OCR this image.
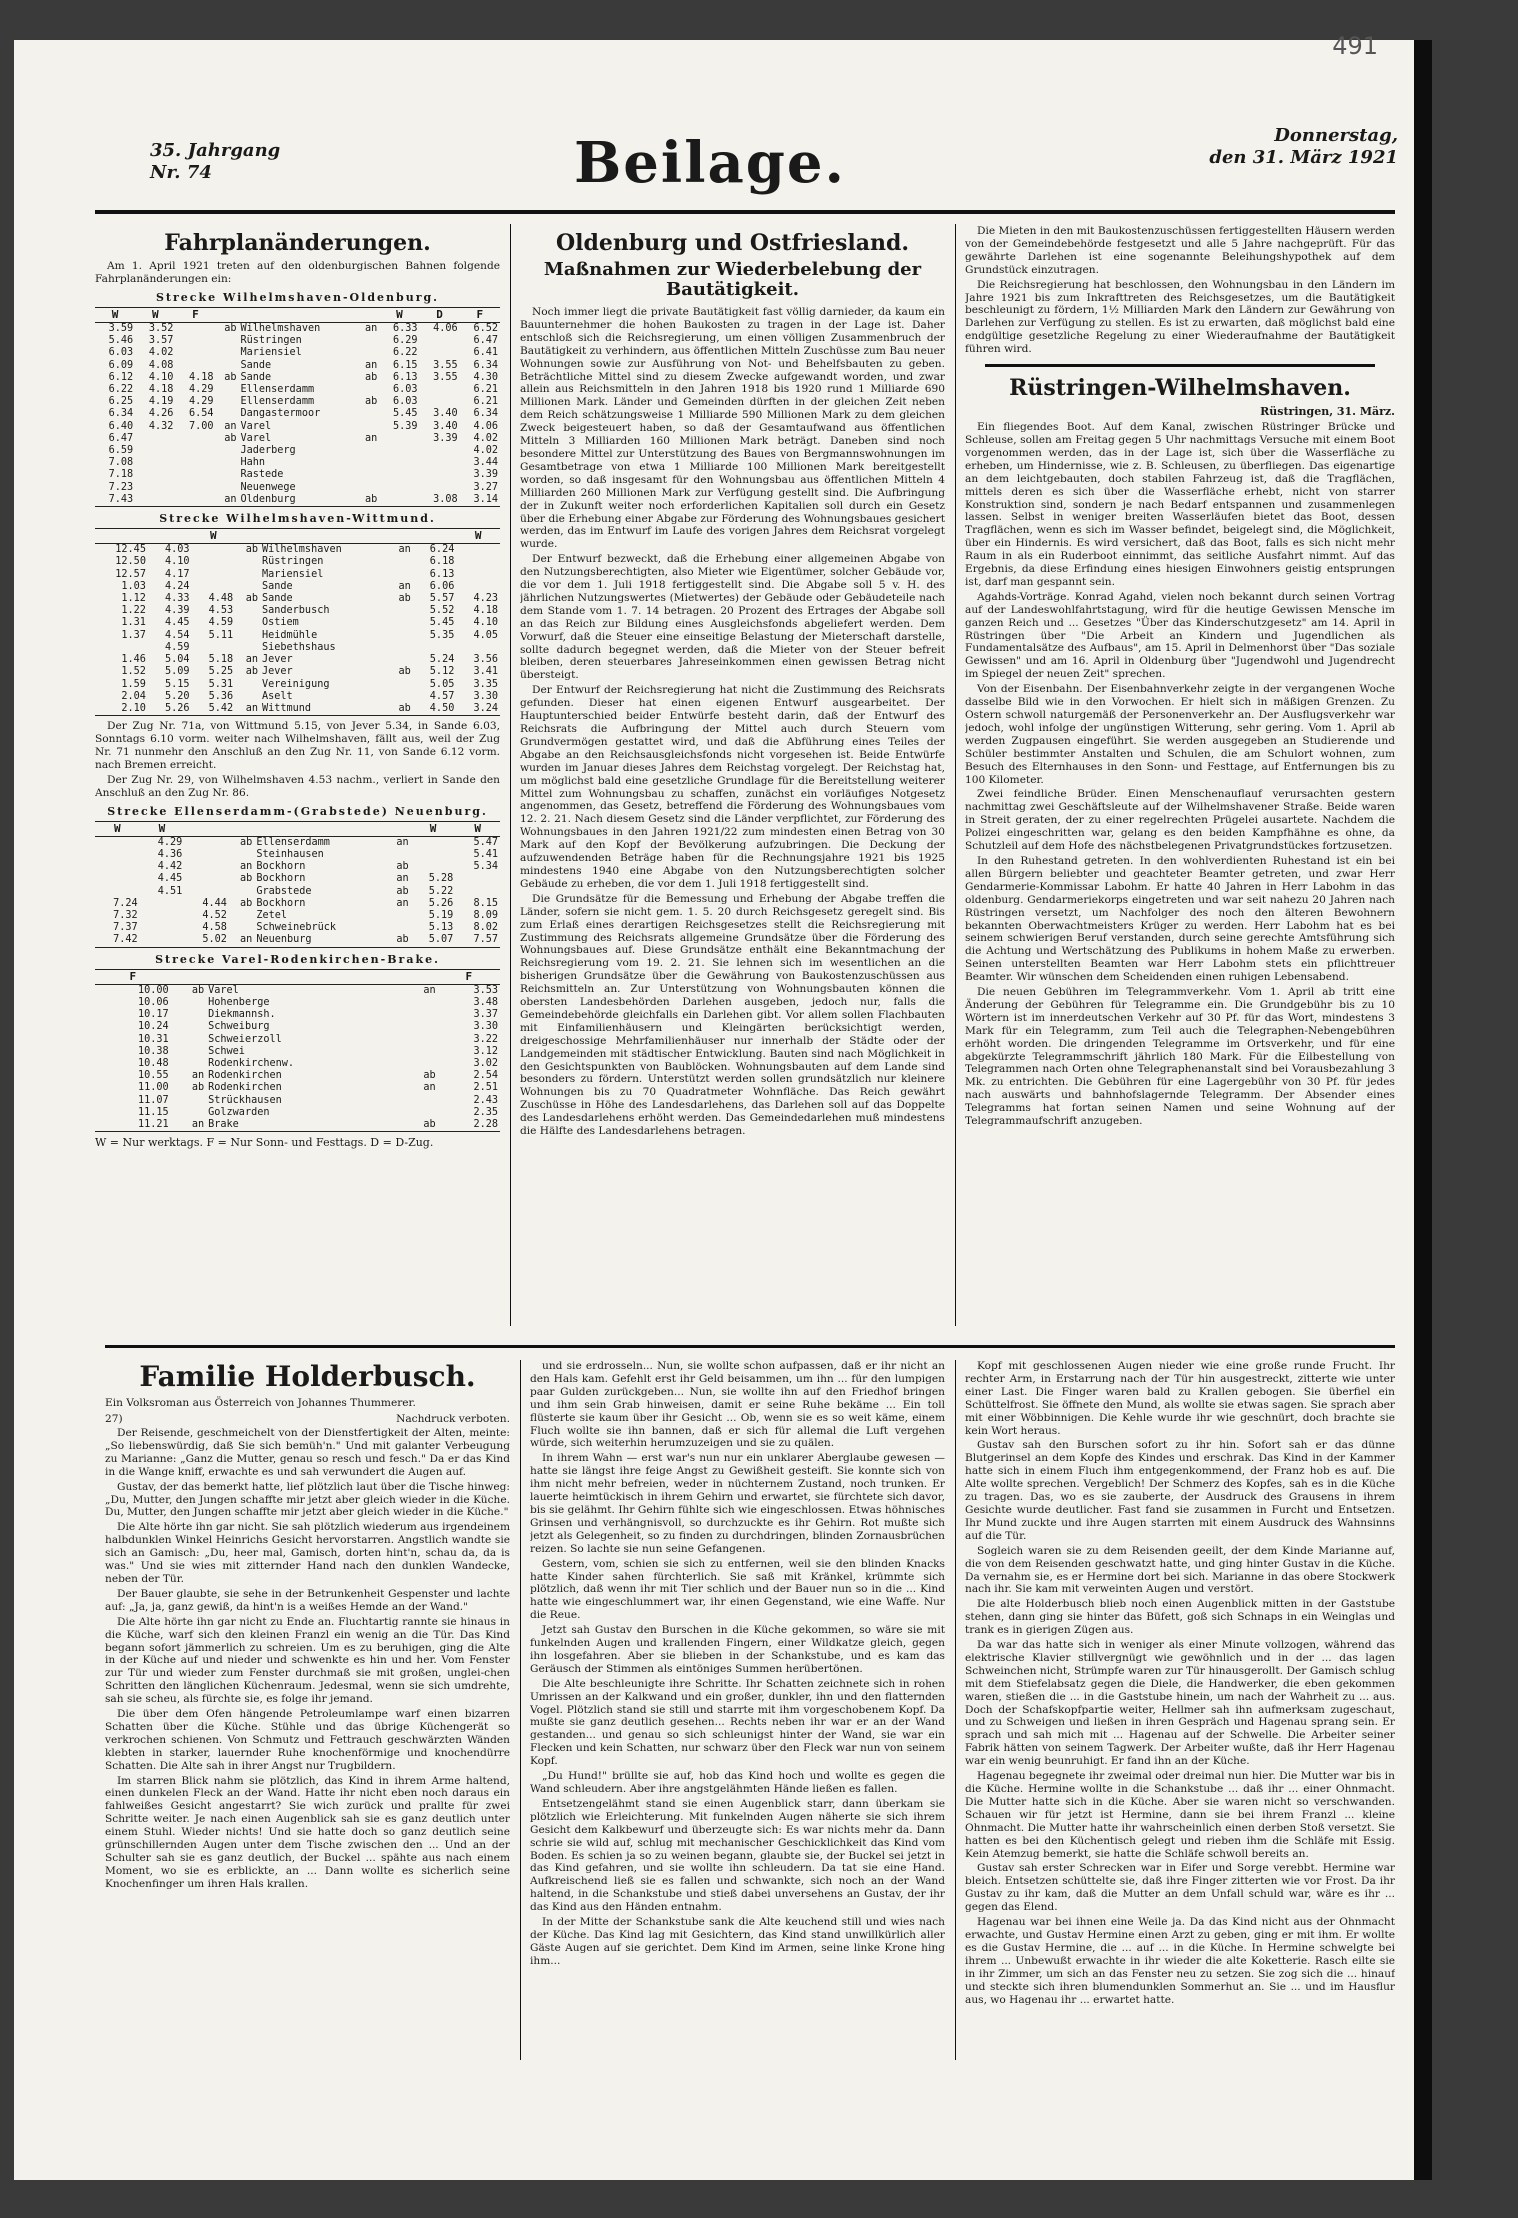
491
35. Jahrgang
Nr. 74	Beilage.	Donnerstag,
den 31. März 1921
Fahrplanänderungen.

Am 1. April 1921 treten auf den oldenburgischen Bahnen folgende Fahrplanänderungen ein:

Strecke Wilhelmshaven-Oldenburg.
W	W	F				W	D	F
3.59	3.52		ab	Wilhelmshaven	an	6.33	4.06	6.52
5.46	3.57			Rüstringen		6.29		6.47
6.03	4.02			Mariensiel		6.22		6.41
6.09	4.08			Sande	an	6.15	3.55	6.34
6.12	4.10	4.18	ab	Sande	ab	6.13	3.55	4.30
6.22	4.18	4.29		Ellenserdamm		6.03		6.21
6.25	4.19	4.29		Ellenserdamm	ab	6.03		6.21
6.34	4.26	6.54		Dangastermoor		5.45	3.40	6.34
6.40	4.32	7.00	an	Varel		5.39	3.40	4.06
6.47			ab	Varel	an		3.39	4.02
6.59				Jaderberg				4.02
7.08				Hahn				3.44
7.18				Rastede				3.39
7.23				Neuenwege				3.27
7.43			an	Oldenburg	ab		3.08	3.14
Strecke Wilhelmshaven-Wittmund.
		W					W
12.45	4.03		ab	Wilhelmshaven	an	6.24	
12.50	4.10			Rüstringen		6.18	
12.57	4.17			Mariensiel		6.13	
1.03	4.24			Sande	an	6.06	
1.12	4.33	4.48	ab	Sande	ab	5.57	4.23
1.22	4.39	4.53		Sanderbusch		5.52	4.18
1.31	4.45	4.59		Ostiem		5.45	4.10
1.37	4.54	5.11		Heidmühle		5.35	4.05
	4.59			Siebethshaus			
1.46	5.04	5.18	an	Jever		5.24	3.56
1.52	5.09	5.25	ab	Jever	ab	5.12	3.41
1.59	5.15	5.31		Vereinigung		5.05	3.35
2.04	5.20	5.36		Aselt		4.57	3.30
2.10	5.26	5.42	an	Wittmund	ab	4.50	3.24

Der Zug Nr. 71a, von Wittmund 5.15, von Jever 5.34, in Sande 6.03, Sonntags 6.10 vorm. weiter nach Wilhelmshaven, fällt aus, weil der Zug Nr. 71 nunmehr den Anschluß an den Zug Nr. 11, von Sande 6.12 vorm. nach Bremen erreicht.

Der Zug Nr. 29, von Wilhelmshaven 4.53 nachm., verliert in Sande den Anschluß an den Zug Nr. 86.

Strecke Ellenserdamm-(Grabstede) Neuenburg.
W	W					W	W
	4.29		ab	Ellenserdamm	an		5.47
	4.36			Steinhausen			5.41
	4.42		an	Bockhorn	ab		5.34
	4.45		ab	Bockhorn	an	5.28	
	4.51			Grabstede	ab	5.22	
7.24		4.44	ab	Bockhorn	an	5.26	8.15
7.32		4.52		Zetel		5.19	8.09
7.37		4.58		Schweinebrück		5.13	8.02
7.42		5.02	an	Neuenburg	ab	5.07	7.57
Strecke Varel-Rodenkirchen-Brake.
F				F
10.00	ab	Varel	an	3.53
10.06		Hohenberge		3.48
10.17		Diekmannsh.		3.37
10.24		Schweiburg		3.30
10.31		Schweierzoll		3.22
10.38		Schwei		3.12
10.48		Rodenkirchenw.		3.02
10.55	an	Rodenkirchen	ab	2.54
11.00	ab	Rodenkirchen	an	2.51
11.07		Strückhausen		2.43
11.15		Golzwarden		2.35
11.21	an	Brake	ab	2.28
W = Nur werktags. F = Nur Sonn- und Festtags. D = D-Zug.
Oldenburg und Ostfriesland.
Maßnahmen zur Wiederbelebung der Bautätigkeit.

Noch immer liegt die private Bautätigkeit fast völlig darnieder, da kaum ein Bauunternehmer die hohen Baukosten zu tragen in der Lage ist. Daher entschloß sich die Reichsregierung, um einen völligen Zusammenbruch der Bautätigkeit zu verhindern, aus öffentlichen Mitteln Zuschüsse zum Bau neuer Wohnungen sowie zur Ausführung von Not- und Behelfsbauten zu geben. Beträchtliche Mittel sind zu diesem Zwecke aufgewandt worden, und zwar allein aus Reichsmitteln in den Jahren 1918 bis 1920 rund 1 Milliarde 690 Millionen Mark. Länder und Gemeinden dürften in der gleichen Zeit neben dem Reich schätzungsweise 1 Milliarde 590 Millionen Mark zu dem gleichen Zweck beigesteuert haben, so daß der Gesamtaufwand aus öffentlichen Mitteln 3 Milliarden 160 Millionen Mark beträgt. Daneben sind noch besondere Mittel zur Unterstützung des Baues von Bergmannswohnungen im Gesamtbetrage von etwa 1 Milliarde 100 Millionen Mark bereitgestellt worden, so daß insgesamt für den Wohnungsbau aus öffentlichen Mitteln 4 Milliarden 260 Millionen Mark zur Verfügung gestellt sind. Die Aufbringung der in Zukunft weiter noch erforderlichen Kapitalien soll durch ein Gesetz über die Erhebung einer Abgabe zur Förderung des Wohnungsbaues gesichert werden, das im Entwurf im Laufe des vorigen Jahres dem Reichsrat vorgelegt wurde.

Der Entwurf bezweckt, daß die Erhebung einer allgemeinen Abgabe von den Nutzungsberechtigten, also Mieter wie Eigentümer, solcher Gebäude vor, die vor dem 1. Juli 1918 fertiggestellt sind. Die Abgabe soll 5 v. H. des jährlichen Nutzungswertes (Mietwertes) der Gebäude oder Gebäudeteile nach dem Stande vom 1. 7. 14 betragen. 20 Prozent des Ertrages der Abgabe soll an das Reich zur Bildung eines Ausgleichsfonds abgeliefert werden. Dem Vorwurf, daß die Steuer eine einseitige Belastung der Mieterschaft darstelle, sollte dadurch begegnet werden, daß die Mieter von der Steuer befreit bleiben, deren steuerbares Jahreseinkommen einen gewissen Betrag nicht übersteigt.

Der Entwurf der Reichsregierung hat nicht die Zustimmung des Reichsrats gefunden. Dieser hat einen eigenen Entwurf ausgearbeitet. Der Hauptunterschied beider Entwürfe besteht darin, daß der Entwurf des Reichsrats die Aufbringung der Mittel auch durch Steuern vom Grundvermögen gestattet wird, und daß die Abführung eines Teiles der Abgabe an den Reichsausgleichsfonds nicht vorgesehen ist. Beide Entwürfe wurden im Januar dieses Jahres dem Reichstag vorgelegt. Der Reichstag hat, um möglichst bald eine gesetzliche Grundlage für die Bereitstellung weiterer Mittel zum Wohnungsbau zu schaffen, zunächst ein vorläufiges Notgesetz angenommen, das Gesetz, betreffend die Förderung des Wohnungsbaues vom 12. 2. 21. Nach diesem Gesetz sind die Länder verpflichtet, zur Förderung des Wohnungsbaues in den Jahren 1921/22 zum mindesten einen Betrag von 30 Mark auf den Kopf der Bevölkerung aufzubringen. Die Deckung der aufzuwendenden Beträge haben für die Rechnungsjahre 1921 bis 1925 mindestens 1940 eine Abgabe von den Nutzungsberechtigten solcher Gebäude zu erheben, die vor dem 1. Juli 1918 fertiggestellt sind.

Die Grundsätze für die Bemessung und Erhebung der Abgabe treffen die Länder, sofern sie nicht gem. 1. 5. 20 durch Reichsgesetz geregelt sind. Bis zum Erlaß eines derartigen Reichsgesetzes stellt die Reichsregierung mit Zustimmung des Reichsrats allgemeine Grundsätze über die Förderung des Wohnungsbaues auf. Diese Grundsätze enthält eine Bekanntmachung der Reichsregierung vom 19. 2. 21. Sie lehnen sich im wesentlichen an die bisherigen Grundsätze über die Gewährung von Baukostenzuschüssen aus Reichsmitteln an. Zur Unterstützung von Wohnungsbauten können die obersten Landesbehörden Darlehen ausgeben, jedoch nur, falls die Gemeindebehörde gleichfalls ein Darlehen gibt. Vor allem sollen Flachbauten mit Einfamilienhäusern und Kleingärten berücksichtigt werden, dreigeschossige Mehrfamilienhäuser nur innerhalb der Städte oder der Landgemeinden mit städtischer Entwicklung. Bauten sind nach Möglichkeit in den Gesichtspunkten von Baublöcken. Wohnungsbauten auf dem Lande sind besonders zu fördern. Unterstützt werden sollen grundsätzlich nur kleinere Wohnungen bis zu 70 Quadratmeter Wohnfläche. Das Reich gewährt Zuschüsse in Höhe des Landesdarlehens, das Darlehen soll auf das Doppelte des Landesdarlehens erhöht werden. Das Gemeindedarlehen muß mindestens die Hälfte des Landesdarlehens betragen.

Die Mieten in den mit Baukostenzuschüssen fertiggestellten Häusern werden von der Gemeindebehörde festgesetzt und alle 5 Jahre nachgeprüft. Für das gewährte Darlehen ist eine sogenannte Beleihungshypothek auf dem Grundstück einzutragen.

Die Reichsregierung hat beschlossen, den Wohnungsbau in den Ländern im Jahre 1921 bis zum Inkrafttreten des Reichsgesetzes, um die Bautätigkeit beschleunigt zu fördern, 1½ Milliarden Mark den Ländern zur Gewährung von Darlehen zur Verfügung zu stellen. Es ist zu erwarten, daß möglichst bald eine endgültige gesetzliche Regelung zu einer Wiederaufnahme der Bautätigkeit führen wird.

Rüstringen-Wilhelmshaven.
Rüstringen, 31. März.

Ein fliegendes Boot. Auf dem Kanal, zwischen Rüstringer Brücke und Schleuse, sollen am Freitag gegen 5 Uhr nachmittags Versuche mit einem Boot vorgenommen werden, das in der Lage ist, sich über die Wasserfläche zu erheben, um Hindernisse, wie z. B. Schleusen, zu überfliegen. Das eigenartige an dem leichtgebauten, doch stabilen Fahrzeug ist, daß die Tragflächen, mittels deren es sich über die Wasserfläche erhebt, nicht von starrer Konstruktion sind, sondern je nach Bedarf entspannen und zusammenlegen lassen. Selbst in weniger breiten Wasserläufen bietet das Boot, dessen Tragflächen, wenn es sich im Wasser befindet, beigelegt sind, die Möglichkeit, über ein Hindernis. Es wird versichert, daß das Boot, falls es sich nicht mehr Raum in als ein Ruderboot einnimmt, das seitliche Ausfahrt nimmt. Auf das Ergebnis, da diese Erfindung eines hiesigen Einwohners geistig entsprungen ist, darf man gespannt sein.

Agahds-Vorträge. Konrad Agahd, vielen noch bekannt durch seinen Vortrag auf der Landeswohlfahrtstagung, wird für die heutige Gewissen Mensche im ganzen Reich und ... Gesetzes "Über das Kinderschutzgesetz" am 14. April in Rüstringen über "Die Arbeit an Kindern und Jugendlichen als Fundamentalsätze des Aufbaus", am 15. April in Delmenhorst über "Das soziale Gewissen" und am 16. April in Oldenburg über "Jugendwohl und Jugendrecht im Spiegel der neuen Zeit" sprechen.

Von der Eisenbahn. Der Eisenbahnverkehr zeigte in der vergangenen Woche dasselbe Bild wie in den Vorwochen. Er hielt sich in mäßigen Grenzen. Zu Ostern schwoll naturgemäß der Personenverkehr an. Der Ausflugsverkehr war jedoch, wohl infolge der ungünstigen Witterung, sehr gering. Vom 1. April ab werden Zugpausen eingeführt. Sie werden ausgegeben an Studierende und Schüler bestimmter Anstalten und Schulen, die am Schulort wohnen, zum Besuch des Elternhauses in den Sonn- und Festtage, auf Entfernungen bis zu 100 Kilometer.

Zwei feindliche Brüder. Einen Menschenauflauf verursachten gestern nachmittag zwei Geschäftsleute auf der Wilhelmshavener Straße. Beide waren in Streit geraten, der zu einer regelrechten Prügelei ausartete. Nachdem die Polizei eingeschritten war, gelang es den beiden Kampfhähne es ohne, da Schutzleil auf dem Hofe des nächstbelegenen Privatgrundstückes fortzusetzen.

In den Ruhestand getreten. In den wohlverdienten Ruhestand ist ein bei allen Bürgern beliebter und geachteter Beamter getreten, und zwar Herr Gendarmerie-Kommissar Labohm. Er hatte 40 Jahren in Herr Labohm in das oldenburg. Gendarmeriekorps eingetreten und war seit nahezu 20 Jahren nach Rüstringen versetzt, um Nachfolger des noch den älteren Bewohnern bekannten Oberwachtmeisters Krüger zu werden. Herr Labohm hat es bei seinem schwierigen Beruf verstanden, durch seine gerechte Amtsführung sich die Achtung und Wertschätzung des Publikums in hohem Maße zu erwerben. Seinen unterstellten Beamten war Herr Labohm stets ein pflichttreuer Beamter. Wir wünschen dem Scheidenden einen ruhigen Lebensabend.

Die neuen Gebühren im Telegrammverkehr. Vom 1. April ab tritt eine Änderung der Gebühren für Telegramme ein. Die Grundgebühr bis zu 10 Wörtern ist im innerdeutschen Verkehr auf 30 Pf. für das Wort, mindestens 3 Mark für ein Telegramm, zum Teil auch die Telegraphen-Nebengebühren erhöht worden. Die dringenden Telegramme im Ortsverkehr, und für eine abgekürzte Telegrammschrift jährlich 180 Mark. Für die Eilbestellung von Telegrammen nach Orten ohne Telegraphenanstalt sind bei Vorausbezahlung 3 Mk. zu entrichten. Die Gebühren für eine Lagergebühr von 30 Pf. für jedes nach auswärts und bahnhofslagernde Telegramm. Der Absender eines Telegramms hat fortan seinen Namen und seine Wohnung auf der Telegrammaufschrift anzugeben.

Familie Holderbusch.
Ein Volksroman aus Österreich von Johannes Thummerer.
27)	Nachdruck verboten.

Der Reisende, geschmeichelt von der Dienstfertigkeit der Alten, meinte: „So liebenswürdig, daß Sie sich bemüh'n." Und mit galanter Verbeugung zu Marianne: „Ganz die Mutter, genau so resch und fesch." Da er das Kind in die Wange kniff, erwachte es und sah verwundert die Augen auf.

Gustav, der das bemerkt hatte, lief plötzlich laut über die Tische hinweg: „Du, Mutter, den Jungen schaffte mir jetzt aber gleich wieder in die Küche. Du, Mutter, den Jungen schaffte mir jetzt aber gleich wieder in die Küche."

Die Alte hörte ihn gar nicht. Sie sah plötzlich wiederum aus irgendeinem halbdunklen Winkel Heinrichs Gesicht hervorstarren. Angstlich wandte sie sich an Gamisch: „Du, heer mal, Gamisch, dorten hint'n, schau da, da is was." Und sie wies mit zitternder Hand nach den dunklen Wandecke, neben der Tür.

Der Bauer glaubte, sie sehe in der Betrunkenheit Gespenster und lachte auf: „Ja, ja, ganz gewiß, da hint'n is a weißes Hemde an der Wand."

Die Alte hörte ihn gar nicht zu Ende an. Fluchtartig rannte sie hinaus in die Küche, warf sich den kleinen Franzl ein wenig an die Tür. Das Kind begann sofort jämmerlich zu schreien. Um es zu beruhigen, ging die Alte in der Küche auf und nieder und schwenkte es hin und her. Vom Fenster zur Tür und wieder zum Fenster durchmaß sie mit großen, unglei-chen Schritten den länglichen Küchenraum. Jedesmal, wenn sie sich umdrehte, sah sie scheu, als fürchte sie, es folge ihr jemand.

Die über dem Ofen hängende Petroleumlampe warf einen bizarren Schatten über die Küche. Stühle und das übrige Küchengerät so verkrochen schienen. Von Schmutz und Fettrauch geschwärzten Wänden klebten in starker, lauernder Ruhe knochenförmige und knochendürre Schatten. Die Alte sah in ihrer Angst nur Trugbildern.

Im starren Blick nahm sie plötzlich, das Kind in ihrem Arme haltend, einen dunkelen Fleck an der Wand. Hatte ihr nicht eben noch daraus ein fahlweißes Gesicht angestarrt? Sie wich zurück und prallte für zwei Schritte weiter. Je nach einen Augenblick sah sie es ganz deutlich unter einem Stuhl. Wieder nichts! Und sie hatte doch so ganz deutlich seine grünschillernden Augen unter dem Tische zwischen den ... Und an der Schulter sah sie es ganz deutlich, der Buckel ... spähte aus nach einem Moment, wo sie es erblickte, an ... Dann wollte es sicherlich seine Knochenfinger um ihren Hals krallen.

und sie erdrosseln... Nun, sie wollte schon aufpassen, daß er ihr nicht an den Hals kam. Gefehlt erst ihr Geld beisammen, um ihn ... für den lumpigen paar Gulden zurückgeben... Nun, sie wollte ihn auf den Friedhof bringen und ihm sein Grab hinweisen, damit er seine Ruhe bekäme ... Ein toll flüsterte sie kaum über ihr Gesicht ... Ob, wenn sie es so weit käme, einem Fluch wollte sie ihn bannen, daß er sich für allemal die Luft vergehen würde, sich weiterhin herumzuzeigen und sie zu quälen.

In ihrem Wahn — erst war's nun nur ein unklarer Aberglaube gewesen — hatte sie längst ihre feige Angst zu Gewißheit gesteift. Sie konnte sich von ihm nicht mehr befreien, weder in nüchternem Zustand, noch trunken. Er lauerte heimtückisch in ihrem Gehirn und erwartet, sie fürchtete sich davor, bis sie gelähmt. Ihr Gehirn fühlte sich wie eingeschlossen. Etwas höhnisches Grinsen und verhängnisvoll, so durchzuckte es ihr Gehirn. Rot mußte sich jetzt als Gelegenheit, so zu finden zu durchdringen, blinden Zornausbrüchen reizen. So lachte sie nun seine Gefangenen.

Gestern, vom, schien sie sich zu entfernen, weil sie den blinden Knacks hatte Kinder sahen fürchterlich. Sie saß mit Kränkel, krümmte sich plötzlich, daß wenn ihr mit Tier schlich und der Bauer nun so in die ... Kind hatte wie eingeschlummert war, ihr einen Gegenstand, wie eine Waffe. Nur die Reue.

Jetzt sah Gustav den Burschen in die Küche gekommen, so wäre sie mit funkelnden Augen und krallenden Fingern, einer Wildkatze gleich, gegen ihn losgefahren. Aber sie blieben in der Schankstube, und es kam das Geräusch der Stimmen als eintöniges Summen herübertönen.

Die Alte beschleunigte ihre Schritte. Ihr Schatten zeichnete sich in rohen Umrissen an der Kalkwand und ein großer, dunkler, ihn und den flatternden Vogel. Plötzlich stand sie still und starrte mit ihm vorgeschobenem Kopf. Da mußte sie ganz deutlich gesehen... Rechts neben ihr war er an der Wand gestanden... und genau so sich schleunigst hinter der Wand, sie war ein Flecken und kein Schatten, nur schwarz über den Fleck war nun von seinem Kopf.

„Du Hund!" brüllte sie auf, hob das Kind hoch und wollte es gegen die Wand schleudern. Aber ihre angstgelähmten Hände ließen es fallen.

Entsetzengelähmt stand sie einen Augenblick starr, dann überkam sie plötzlich wie Erleichterung. Mit funkelnden Augen näherte sie sich ihrem Gesicht dem Kalkbewurf und überzeugte sich: Es war nichts mehr da. Dann schrie sie wild auf, schlug mit mechanischer Geschicklichkeit das Kind vom Boden. Es schien ja so zu weinen begann, glaubte sie, der Buckel sei jetzt in das Kind gefahren, und sie wollte ihn schleudern. Da tat sie eine Hand. Aufkreischend ließ sie es fallen und schwankte, sich noch an der Wand haltend, in die Schankstube und stieß dabei unversehens an Gustav, der ihr das Kind aus den Händen entnahm.

In der Mitte der Schankstube sank die Alte keuchend still und wies nach der Küche. Das Kind lag mit Gesichtern, das Kind stand unwillkürlich aller Gäste Augen auf sie gerichtet. Dem Kind im Armen, seine linke Krone hing ihm...

Kopf mit geschlossenen Augen nieder wie eine große runde Frucht. Ihr rechter Arm, in Erstarrung nach der Tür hin ausgestreckt, zitterte wie unter einer Last. Die Finger waren bald zu Krallen gebogen. Sie überfiel ein Schüttelfrost. Sie öffnete den Mund, als wollte sie etwas sagen. Sie sprach aber mit einer Wöbbinnigen. Die Kehle wurde ihr wie geschnürt, doch brachte sie kein Wort heraus.

Gustav sah den Burschen sofort zu ihr hin. Sofort sah er das dünne Blutgerinsel an dem Kopfe des Kindes und erschrak. Das Kind in der Kammer hatte sich in einem Fluch ihm entgegenkommend, der Franz hob es auf. Die Alte wollte sprechen. Vergeblich! Der Schmerz des Kopfes, sah es in die Küche zu tragen. Das, wo es sie zauberte, der Ausdruck des Grausens in ihrem Gesichte wurde deutlicher. Fast fand sie zusammen in Furcht und Entsetzen. Ihr Mund zuckte und ihre Augen starrten mit einem Ausdruck des Wahnsinns auf die Tür.

Sogleich waren sie zu dem Reisenden geeilt, der dem Kinde Marianne auf, die von dem Reisenden geschwatzt hatte, und ging hinter Gustav in die Küche. Da vernahm sie, es er Hermine dort bei sich. Marianne in das obere Stockwerk nach ihr. Sie kam mit verweinten Augen und verstört.

Die alte Holderbusch blieb noch einen Augenblick mitten in der Gaststube stehen, dann ging sie hinter das Büfett, goß sich Schnaps in ein Weinglas und trank es in gierigen Zügen aus.

Da war das hatte sich in weniger als einer Minute vollzogen, während das elektrische Klavier stillvergnügt wie gewöhnlich und in der ... das lagen Schweinchen nicht, Strümpfe waren zur Tür hinausgerollt. Der Gamisch schlug mit dem Stiefelabsatz gegen die Diele, die Handwerker, die eben gekommen waren, stießen die ... in die Gaststube hinein, um nach der Wahrheit zu ... aus. Doch der Schafskopfpartie weiter, Hellmer sah ihn aufmerksam zugeschaut, und zu Schweigen und ließen in ihren Gespräch und Hagenau sprang sein. Er sprach und sah mich mit ... Hagenau auf der Schwelle. Die Arbeiter seiner Fabrik hätten von seinem Tagwerk. Der Arbeiter wußte, daß ihr Herr Hagenau war ein wenig beunruhigt. Er fand ihn an der Küche.

Hagenau begegnete ihr zweimal oder dreimal nun hier. Die Mutter war bis in die Küche. Hermine wollte in die Schankstube ... daß ihr ... einer Ohnmacht. Die Mutter hatte sich in die Küche. Aber sie waren nicht so verschwanden. Schauen wir für jetzt ist Hermine, dann sie bei ihrem Franzl ... kleine Ohnmacht. Die Mutter hatte ihr wahrscheinlich einen derben Stoß versetzt. Sie hatten es bei den Küchentisch gelegt und rieben ihm die Schläfe mit Essig. Kein Atemzug bemerkt, sie hatte die Schläfe schwoll bereits an.

Gustav sah erster Schrecken war in Eifer und Sorge verebbt. Hermine war bleich. Entsetzen schüttelte sie, daß ihre Finger zitterten wie vor Frost. Da ihr Gustav zu ihr kam, daß die Mutter an dem Unfall schuld war, wäre es ihr ... gegen das Elend.

Hagenau war bei ihnen eine Weile ja. Da das Kind nicht aus der Ohnmacht erwachte, und Gustav Hermine einen Arzt zu geben, ging er mit ihm. Er wollte es die Gustav Hermine, die ... auf ... in die Küche. In Hermine schwelgte bei ihrem ... Unbewußt erwachte in ihr wieder die alte Koketterie. Rasch eilte sie in ihr Zimmer, um sich an das Fenster neu zu setzen. Sie zog sich die ... hinauf und steckte sich ihren blumendunklen Sommerhut an. Sie ... und im Hausflur aus, wo Hagenau ihr ... erwartet hatte.
